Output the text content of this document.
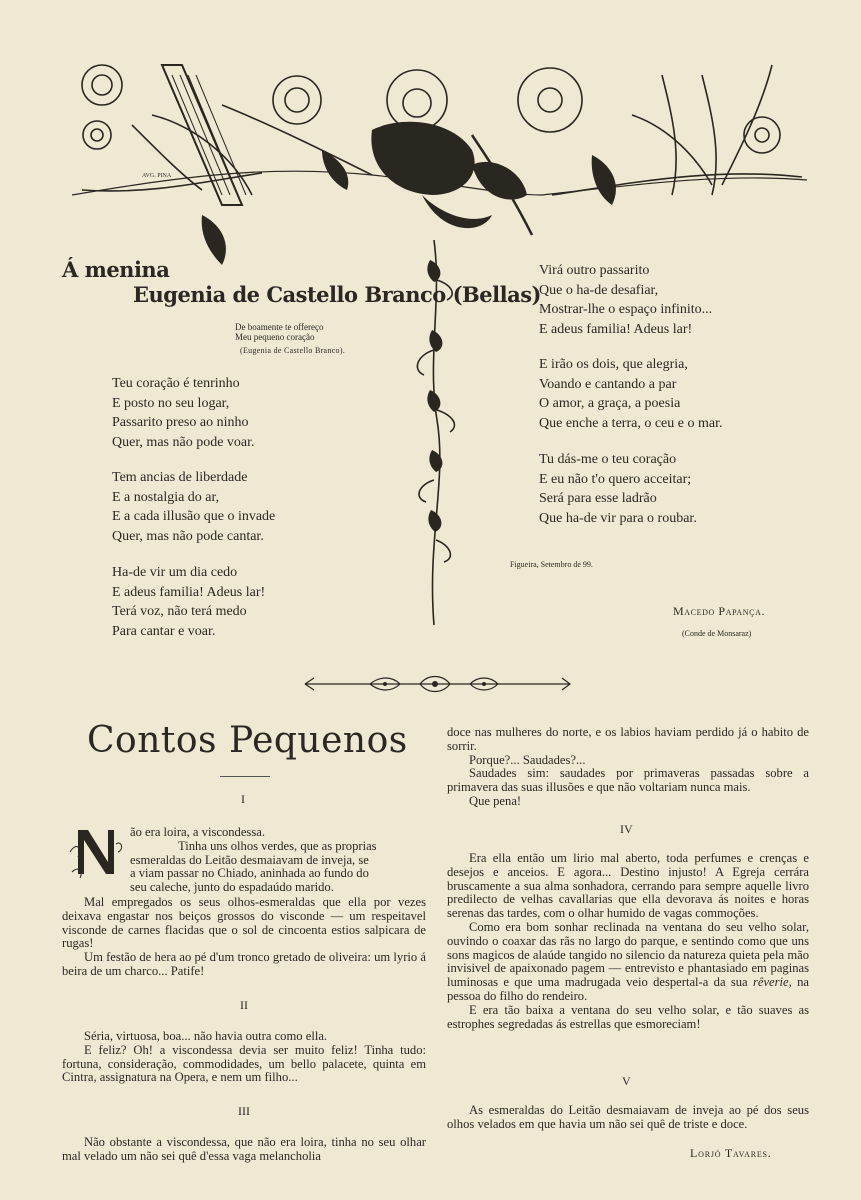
AVG. PINA
Á menina
Eugenia de Castello Branco (Bellas)
De boamente te offereço
Meu pequeno coração
(Eugenia de Castello Branco).
Teu coração é tenrinho
E posto no seu logar,
Passarito preso ao ninho
Quer, mas não pode voar.
Tem ancias de liberdade
E a nostalgia do ar,
E a cada illusão que o invade
Quer, mas não pode cantar.
Ha-de vir um dia cedo
E adeus familia! Adeus lar!
Terá voz, não terá medo
Para cantar e voar.
Virá outro passarito
Que o ha-de desafiar,
Mostrar-lhe o espaço infinito...
E adeus familia! Adeus lar!
E irão os dois, que alegria,
Voando e cantando a par
O amor, a graça, a poesia
Que enche a terra, o ceu e o mar.
Tu dás-me o teu coração
E eu não t'o quero acceitar;
Será para esse ladrão
Que ha-de vir para o roubar.
Figueira, Setembro de 99.
Macedo Papança.
(Conde de Monsaraz)
Contos Pequenos
I
ão era loira, a viscondessa.
Tinha uns olhos verdes, que as proprias
esmeraldas do Leitão desmaiavam de inveja, se
a viam passar no Chiado, aninhada ao fundo do
seu caleche, junto do espadaúdo marido.

Mal empregados os seus olhos-esmeraldas que ella por vezes deixava engastar nos beiços grossos do visconde — um respeitavel visconde de carnes flacidas que o sol de cincoenta estios salpicara de rugas!

Um festão de hera ao pé d'um tronco gretado de oliveira: um lyrio á beira de um charco... Patife!

II

Séria, virtuosa, boa... não havia outra como ella.

E feliz? Oh! a viscondessa devia ser muito feliz! Tinha tudo: fortuna, consideração, commodidades, um bello palacete, quinta em Cintra, assignatura na Opera, e nem um filho...

III

Não obstante a viscondessa, que não era loira, tinha no seu olhar mal velado um não sei quê d'essa vaga melancholia

doce nas mulheres do norte, e os labios haviam perdido já o habito de sorrir.

Porque?... Saudades?...

Saudades sim: saudades por primaveras passadas sobre a primavera das suas illusões e que não voltariam nunca mais.

Que pena!

IV

Era ella então um lirio mal aberto, toda perfumes e crenças e desejos e anceios. E agora... Destino injusto! A Egreja cerrára bruscamente a sua alma sonhadora, cerrando para sempre aquelle livro predilecto de velhas cavallarias que ella devorava ás noites e horas serenas das tardes, com o olhar humido de vagas commoções.

Como era bom sonhar reclinada na ventana do seu velho solar, ouvindo o coaxar das rãs no largo do parque, e sentindo como que uns sons magicos de alaúde tangido no silencio da natureza quieta pela mão invisivel de apaixonado pagem — entrevisto e phantasiado em paginas luminosas e que uma madrugada veio despertal-a da sua rêverie, na pessoa do filho do rendeiro.

E era tão baixa a ventana do seu velho solar, e tão suaves as estrophes segredadas ás estrellas que esmoreciam!

V

As esmeraldas do Leitão desmaiavam de inveja ao pé dos seus olhos velados em que havia um não sei quê de triste e doce.

Lorjó Tavares.
